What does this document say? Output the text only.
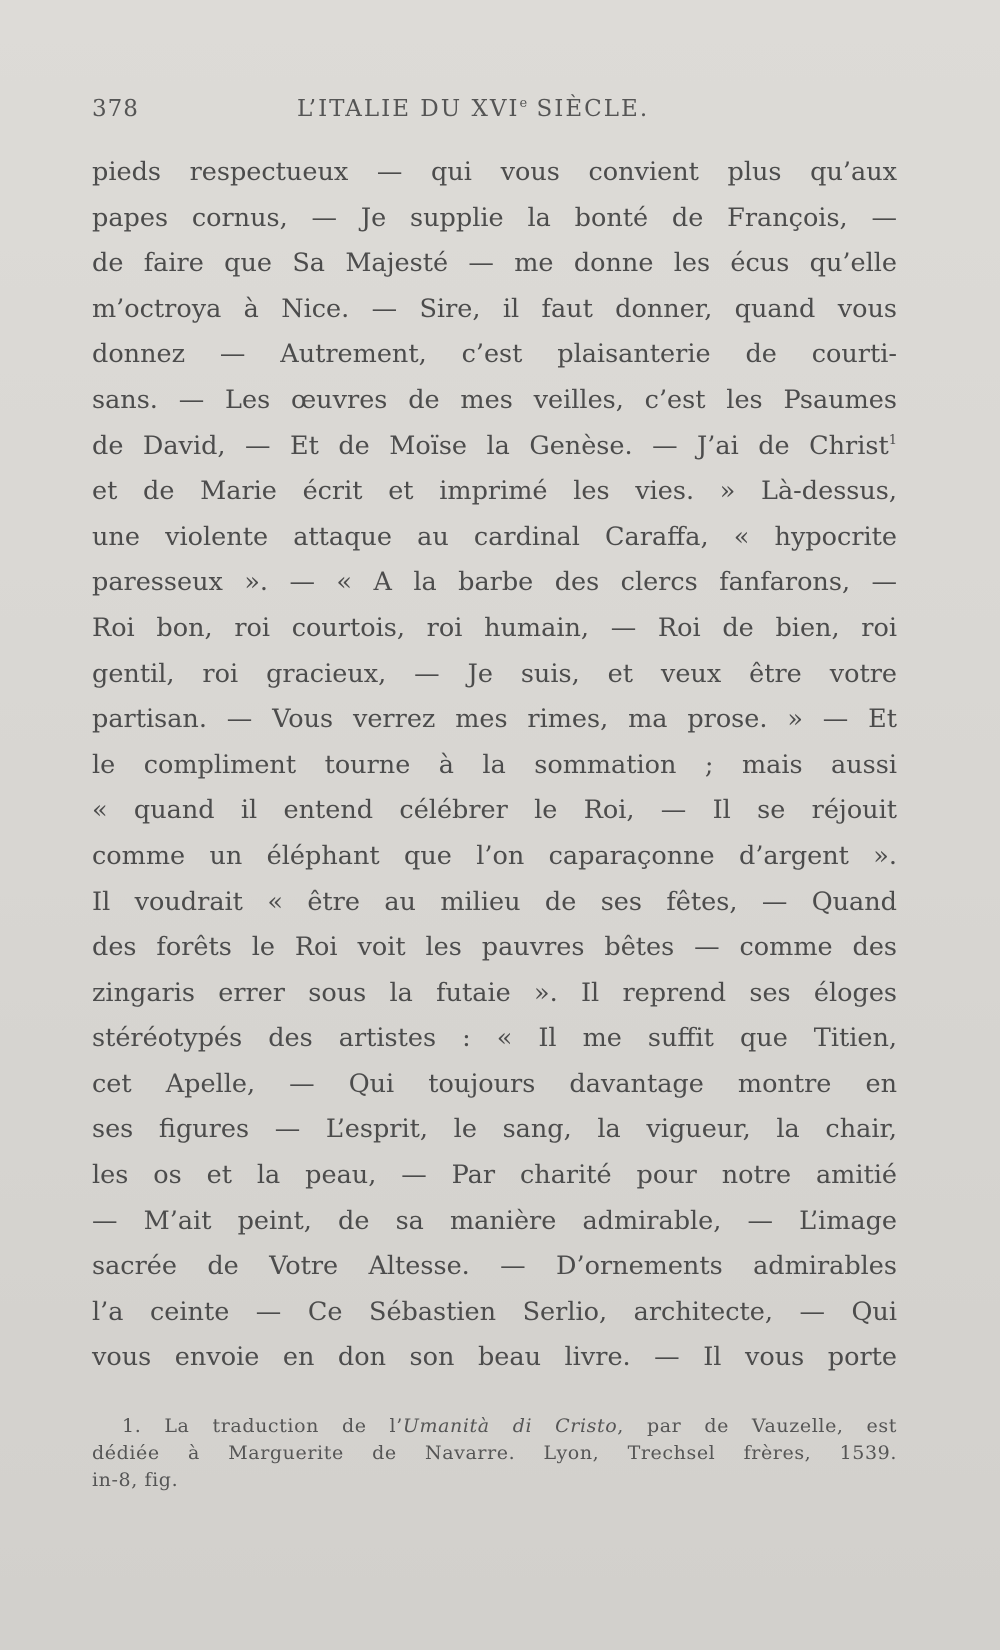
378	L’ITALIE DU XVIe SIÈCLE.
pieds respectueux — qui vous convient plus qu’aux
papes cornus, — Je supplie la bonté de François, —
de faire que Sa Majesté — me donne les écus qu’elle
m’octroya à Nice. — Sire, il faut donner, quand vous
donnez — Autrement, c’est plaisanterie de courti-
sans. — Les œuvres de mes veilles, c’est les Psaumes
de David, — Et de Moïse la Genèse. — J’ai de Christ$^1$
et de Marie écrit et imprimé les vies. » Là-dessus,
une violente attaque au cardinal Caraffa, « hypocrite
paresseux ». — « A la barbe des clercs fanfarons, —
Roi bon, roi courtois, roi humain, — Roi de bien, roi
gentil, roi gracieux, — Je suis, et veux être votre
partisan. — Vous verrez mes rimes, ma prose. » — Et
le compliment tourne à la sommation ; mais aussi
« quand il entend célébrer le Roi, — Il se réjouit
comme un éléphant que l’on caparaçonne d’argent ».
Il voudrait « être au milieu de ses fêtes, — Quand
des forêts le Roi voit les pauvres bêtes — comme des
zingaris errer sous la futaie ». Il reprend ses éloges
stéréotypés des artistes : « Il me suffit que Titien,
cet Apelle, — Qui toujours davantage montre en
ses figures — L’esprit, le sang, la vigueur, la chair,
les os et la peau, — Par charité pour notre amitié
— M’ait peint, de sa manière admirable, — L’image
sacrée de Votre Altesse. — D’ornements admirables
l’a ceinte — Ce Sébastien Serlio, architecte, — Qui
vous envoie en don son beau livre. — Il vous porte
1. La traduction de l’Umanità di Cristo, par de Vauzelle, est
dédiée à Marguerite de Navarre. Lyon, Trechsel frères, 1539.
in-8, fig.
